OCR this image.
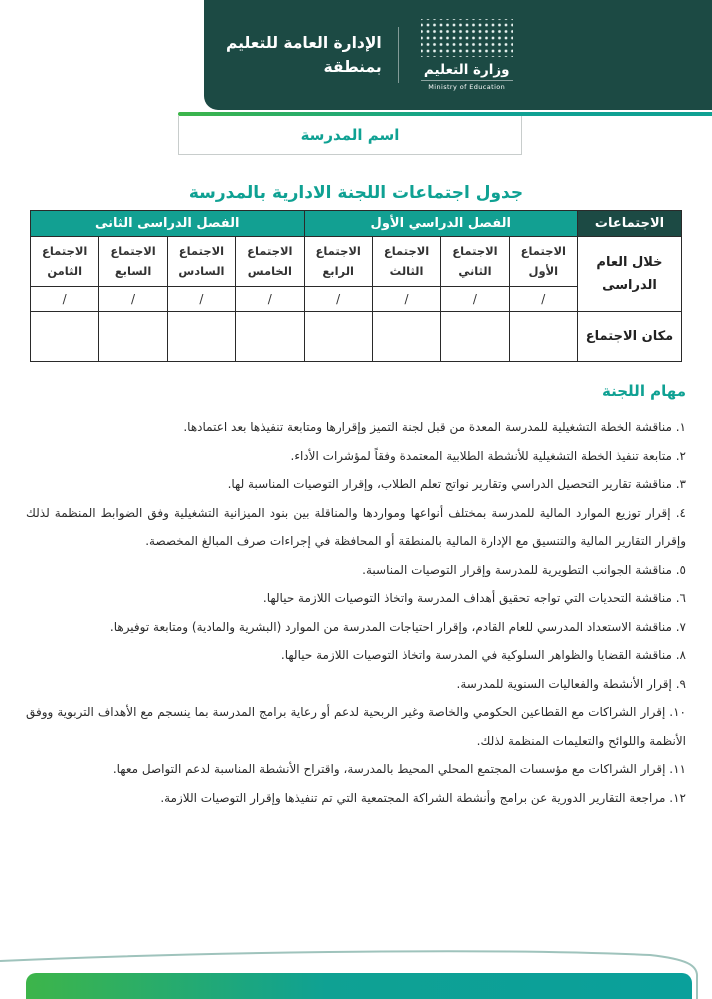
الإدارة العامة للتعليم
بمنطقة	وزارة التعليم
Ministry of Education
اسم المدرسة
جدول اجتماعات اللجنة الادارية بالمدرسة
الاجتماعات	الفصل الدراسي الأول				الفصل الدراسى الثانى			
خلال العام الدراسى	الاجتماع الأول	الاجتماع الثاني	الاجتماع الثالث	الاجتماع الرابع	الاجتماع الخامس	الاجتماع السادس	الاجتماع السابع	الاجتماع الثامن
	/	/	/	/	/	/	/	/
مكان الاجتماع								
مهام اللجنة

١. مناقشة الخطة التشغيلية للمدرسة المعدة من قبل لجنة التميز وإقرارها ومتابعة تنفيذها بعد اعتمادها.

٢. متابعة تنفيذ الخطة التشغيلية للأنشطة الطلابية المعتمدة وفقاً لمؤشرات الأداء.

٣. مناقشة تقارير التحصيل الدراسي وتقارير نواتج تعلم الطلاب، وإقرار التوصيات المناسبة لها.

٤. إقرار توزيع الموارد المالية للمدرسة بمختلف أنواعها ومواردها والمناقلة بين بنود الميزانية التشغيلية وفق الضوابط المنظمة لذلك وإقرار التقارير المالية والتنسيق مع الإدارة المالية بالمنطقة أو المحافظة في إجراءات صرف المبالغ المخصصة.

٥. مناقشة الجوانب التطويرية للمدرسة وإقرار التوصيات المناسبة.

٦. مناقشة التحديات التي تواجه تحقيق أهداف المدرسة واتخاذ التوصيات اللازمة حيالها.

٧. مناقشة الاستعداد المدرسي للعام القادم، وإقرار احتياجات المدرسة من الموارد (البشرية والمادية) ومتابعة توفيرها.

٨. مناقشة القضايا والظواهر السلوكية في المدرسة واتخاذ التوصيات اللازمة حيالها.

٩. إقرار الأنشطة والفعاليات السنوية للمدرسة.

١٠. إقرار الشراكات مع القطاعين الحكومي والخاصة وغير الربحية لدعم أو رعاية برامج المدرسة بما ينسجم مع الأهداف التربوية ووفق الأنظمة واللوائح والتعليمات المنظمة لذلك.

١١. إقرار الشراكات مع مؤسسات المجتمع المحلي المحيط بالمدرسة، واقتراح الأنشطة المناسبة لدعم التواصل معها.

١٢. مراجعة التقارير الدورية عن برامج وأنشطة الشراكة المجتمعية التي تم تنفيذها وإقرار التوصيات اللازمة.
